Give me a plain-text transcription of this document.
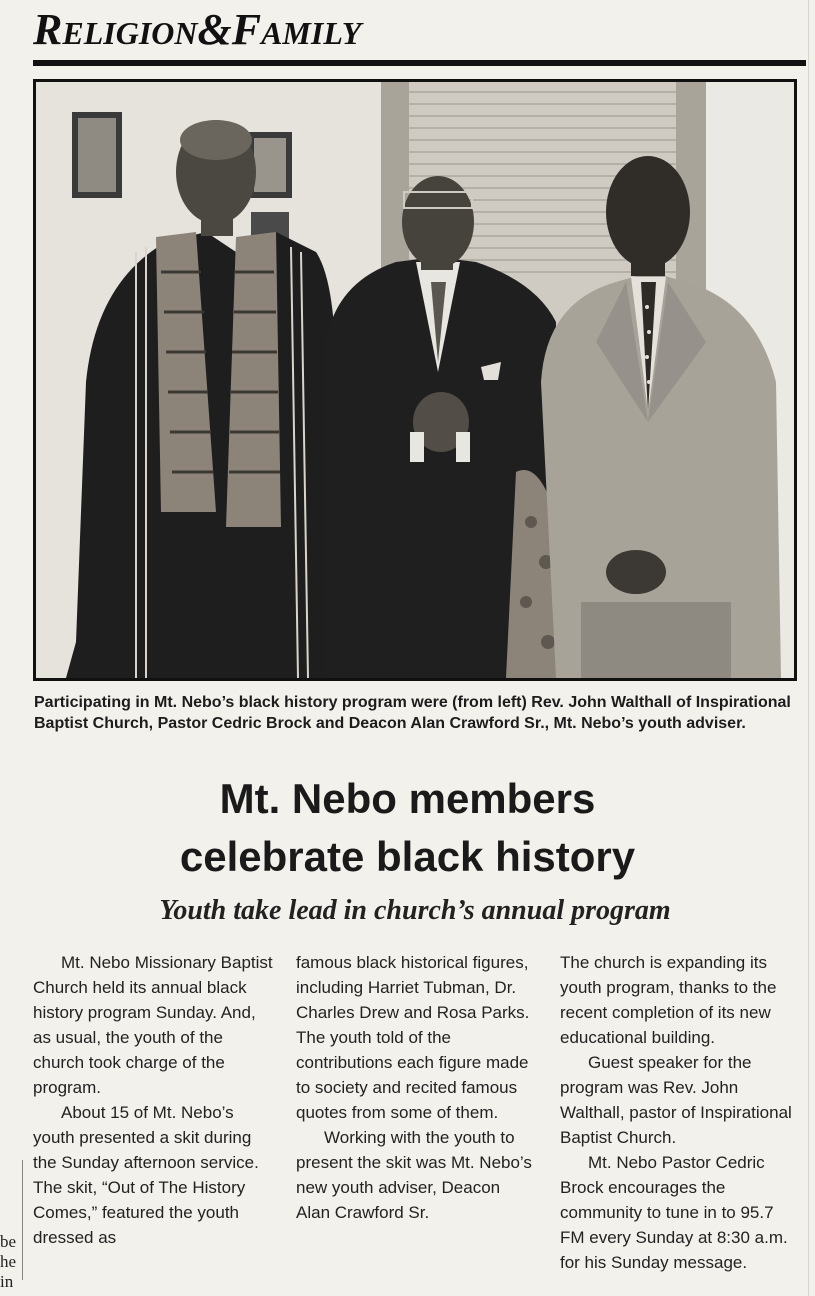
RELIGION&FAMILY
Participating in Mt. Nebo’s black history program were (from left) Rev. John Walthall of Inspirational Baptist Church, Pastor Cedric Brock and Deacon Alan Crawford Sr., Mt. Nebo’s youth adviser.
Mt. Nebo members
celebrate black history
Youth take lead in church’s annual program

Mt. Nebo Missionary Baptist Church held its annual black history program Sunday. And, as usual, the youth of the church took charge of the program.

About 15 of Mt. Nebo’s youth presented a skit during the Sunday afternoon service. The skit, “Out of The History Comes,” featured the youth dressed as

famous black historical figures, including Harriet Tubman, Dr. Charles Drew and Rosa Parks. The youth told of the contributions each figure made to society and recited famous quotes from some of them.

Working with the youth to present the skit was Mt. Nebo’s new youth adviser, Deacon Alan Crawford Sr.

The church is expanding its youth program, thanks to the recent completion of its new educational building.

Guest speaker for the program was Rev. John Walthall, pastor of Inspirational Baptist Church.

Mt. Nebo Pastor Cedric Brock encourages the community to tune in to 95.7 FM every Sunday at 8:30 a.m. for his Sunday message.

be
he
in
